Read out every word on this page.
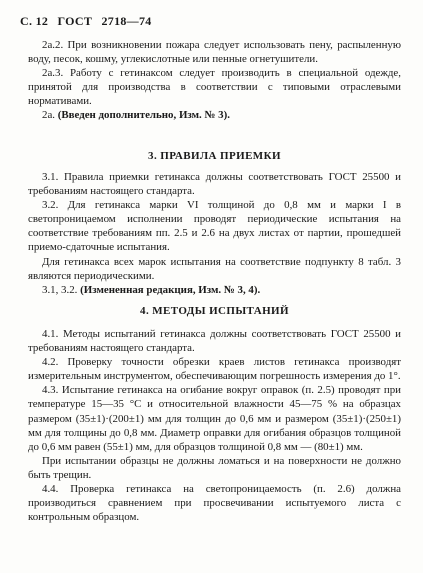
С. 12 ГОСТ 2718—74

2а.2. При возникновении пожара следует использовать пену, распыленную воду, песок, кошму, углекислотные или пенные огнетушители.

2а.3. Работу с гетинаксом следует производить в специальной одежде, принятой для производства в соответствии с типовыми отраслевыми нормативами.

2а. (Введен дополнительно, Изм. № 3).

3. ПРАВИЛА ПРИЕМКИ

3.1. Правила приемки гетинакса должны соответствовать ГОСТ 25500 и требованиям настоящего стандарта.

3.2. Для гетинакса марки VI толщиной до 0,8 мм и марки I в светопроницаемом исполнении проводят периодические испытания на соответствие требованиям пп. 2.5 и 2.6 на двух листах от партии, прошедшей приемо-сдаточные испытания.

Для гетинакса всех марок испытания на соответствие подпункту 8 табл. 3 являются периодическими.

3.1, 3.2. (Измененная редакция, Изм. № 3, 4).

4. МЕТОДЫ ИСПЫТАНИЙ

4.1. Методы испытаний гетинакса должны соответствовать ГОСТ 25500 и требованиям настоящего стандарта.

4.2. Проверку точности обрезки краев листов гетинакса производят измерительным инструментом, обеспечивающим погрешность измерения до 1°.

4.3. Испытание гетинакса на огибание вокруг оправок (п. 2.5) проводят при температуре 15—35 °С и относительной влажности 45—75 % на образцах размером (35±1)·(200±1) мм для толщин до 0,6 мм и размером (35±1)·(250±1) мм для толщины до 0,8 мм. Диаметр оправки для огибания образцов толщиной до 0,6 мм равен (55±1) мм, для образцов толщиной 0,8 мм — (80±1) мм.

При испытании образцы не должны ломаться и на поверхности не должно быть трещин.

4.4. Проверка гетинакса на светопроницаемость (п. 2.6) должна производиться сравнением при просвечивании испытуемого листа с контрольным образцом.
